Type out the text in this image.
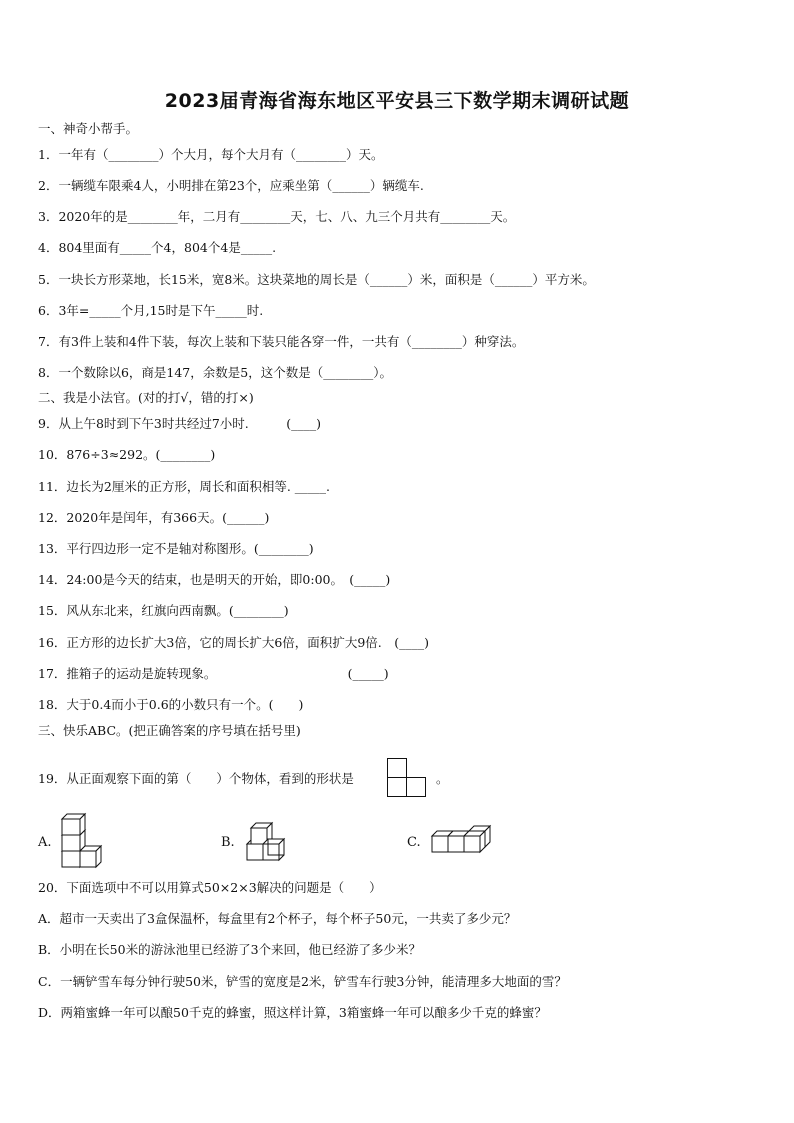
2023届青海省海东地区平安县三下数学期末调研试题
一、神奇小帮手。
1．一年有（________）个大月，每个大月有（________）天。
2．一辆缆车限乘4人，小明排在第23个，应乘坐第（______）辆缆车.
3．2020年的是________年，二月有________天，七、八、九三个月共有________天。
4．804里面有_____个4，804个4是_____.
5．一块长方形菜地，长15米，宽8米。这块菜地的周长是（______）米，面积是（______）平方米。
6．3年=_____个月,15时是下午_____时.
7．有3件上装和4件下装，每次上装和下装只能各穿一件，一共有（________）种穿法。
8．一个数除以6，商是147，余数是5，这个数是（________）。
二、我是小法官。(对的打√，错的打×)
9．从上午8时到下午3时共经过7小时.　　　(____)
10．876÷3≈292。(________)
11．边长为2厘米的正方形，周长和面积相等. _____.
12．2020年是闰年，有366天。(______)
13．平行四边形一定不是轴对称图形。(________)
14．24:00是今天的结束，也是明天的开始，即0:00。　(_____)
15．风从东北来，红旗向西南飘。(________)
16．正方形的边长扩大3倍，它的周长扩大6倍，面积扩大9倍.　(____)
17．推箱子的运动是旋转现象。　　　　　　　　　　　(_____)
18．大于0.4而小于0.6的小数只有一个。(　　)
三、快乐ABC。(把正确答案的序号填在括号里)
19．从正面观察下面的第（　　）个物体，看到的形状是	。
A.	B.	C.
20．下面选项中不可以用算式50×2×3解决的问题是（　　）
A．超市一天卖出了3盒保温杯，每盒里有2个杯子，每个杯子50元，一共卖了多少元？
B．小明在长50米的游泳池里已经游了3个来回，他已经游了多少米？
C．一辆铲雪车每分钟行驶50米，铲雪的宽度是2米，铲雪车行驶3分钟，能清理多大地面的雪？
D．两箱蜜蜂一年可以酿50千克的蜂蜜，照这样计算，3箱蜜蜂一年可以酿多少千克的蜂蜜？
